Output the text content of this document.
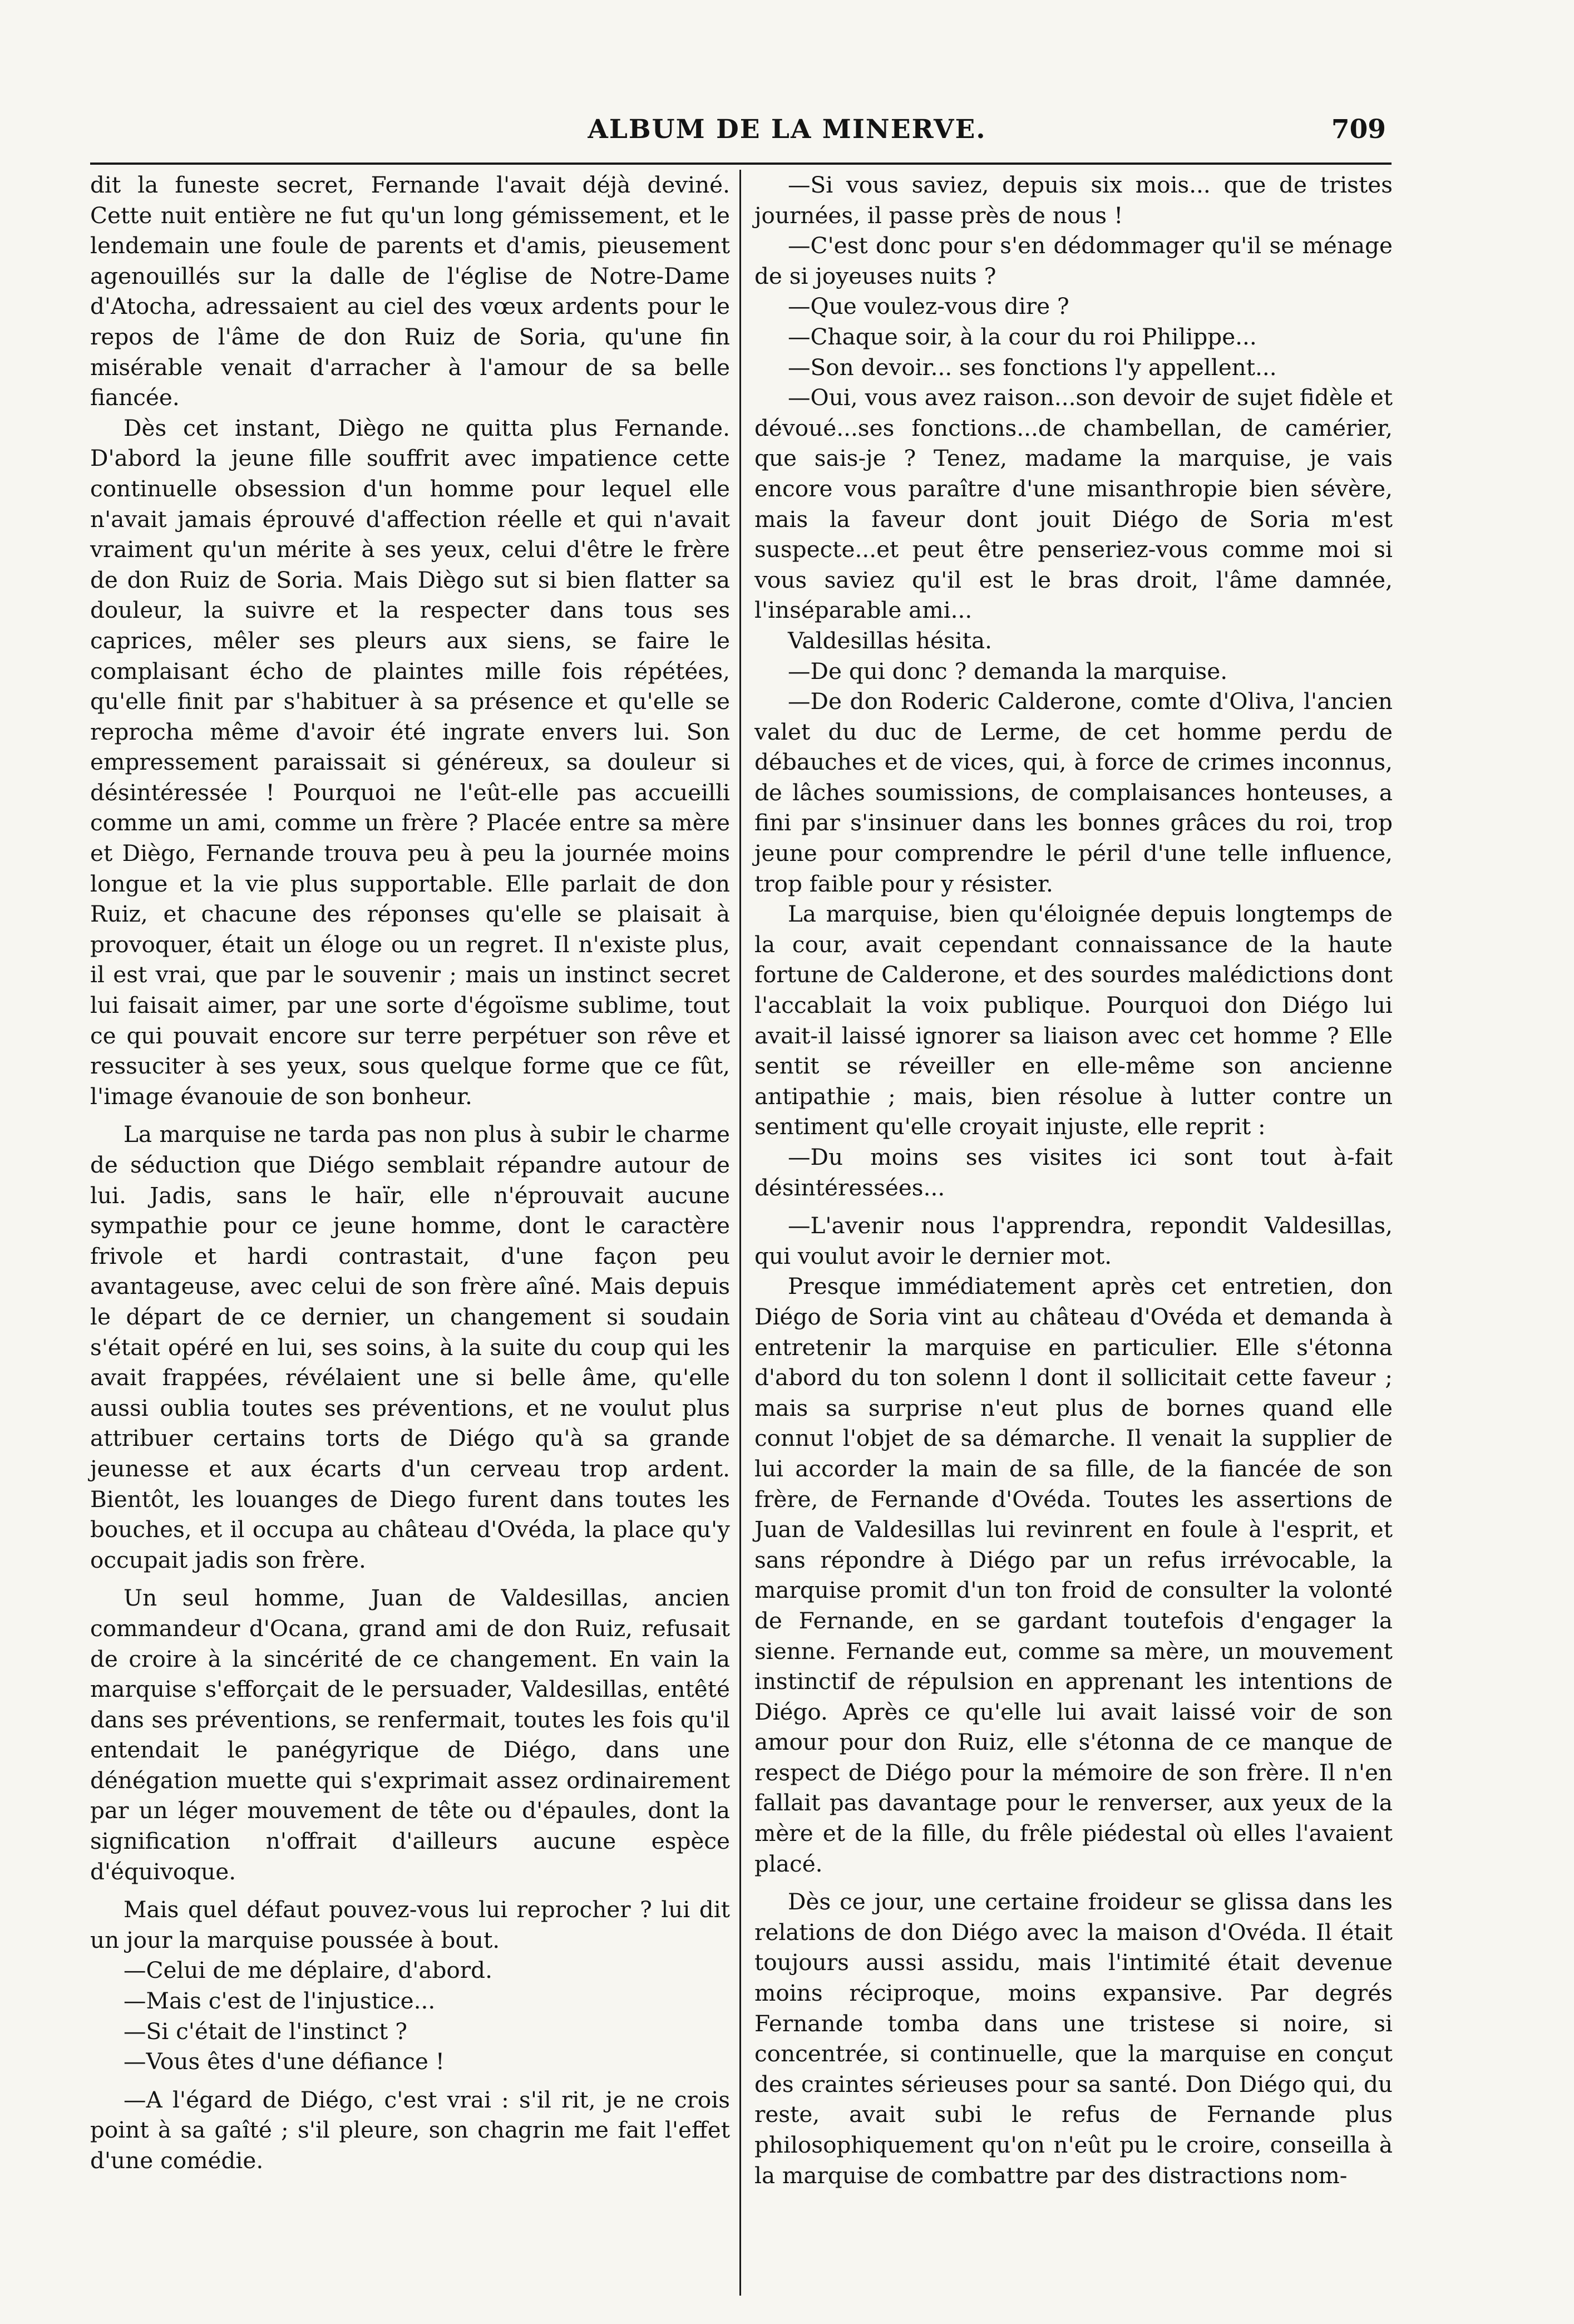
ALBUM DE LA MINERVE.	709

dit la funeste secret, Fernande l'avait déjà deviné. Cette nuit entière ne fut qu'un long gémissement, et le lendemain une foule de parents et d'amis, pieusement agenouillés sur la dalle de l'église de Notre-Dame d'Atocha, adressaient au ciel des vœux ardents pour le repos de l'âme de don Ruiz de Soria, qu'une fin misérable venait d'arracher à l'amour de sa belle fiancée.

Dès cet instant, Diègo ne quitta plus Fernande. D'abord la jeune fille souffrit avec impatience cette continuelle obsession d'un homme pour lequel elle n'avait jamais éprouvé d'affection réelle et qui n'avait vraiment qu'un mérite à ses yeux, celui d'être le frère de don Ruiz de Soria. Mais Diègo sut si bien flatter sa douleur, la suivre et la respecter dans tous ses caprices, mêler ses pleurs aux siens, se faire le complaisant écho de plaintes mille fois répétées, qu'elle finit par s'habituer à sa présence et qu'elle se reprocha même d'avoir été ingrate envers lui. Son empressement paraissait si généreux, sa douleur si désintéressée ! Pourquoi ne l'eût-elle pas accueilli comme un ami, comme un frère ? Placée entre sa mère et Diègo, Fernande trouva peu à peu la journée moins longue et la vie plus supportable. Elle parlait de don Ruiz, et chacune des réponses qu'elle se plaisait à provoquer, était un éloge ou un regret. Il n'existe plus, il est vrai, que par le souvenir ; mais un instinct secret lui faisait aimer, par une sorte d'égoïsme sublime, tout ce qui pouvait encore sur terre perpétuer son rêve et ressuciter à ses yeux, sous quelque forme que ce fût, l'image évanouie de son bonheur.

La marquise ne tarda pas non plus à subir le charme de séduction que Diégo semblait répandre autour de lui. Jadis, sans le haïr, elle n'éprouvait aucune sympathie pour ce jeune homme, dont le caractère frivole et hardi contrastait, d'une façon peu avantageuse, avec celui de son frère aîné. Mais depuis le départ de ce dernier, un changement si soudain s'était opéré en lui, ses soins, à la suite du coup qui les avait frappées, révélaient une si belle âme, qu'elle aussi oublia toutes ses préventions, et ne voulut plus attribuer certains torts de Diégo qu'à sa grande jeunesse et aux écarts d'un cerveau trop ardent. Bientôt, les louanges de Diego furent dans toutes les bouches, et il occupa au château d'Ovéda, la place qu'y occupait jadis son frère.

Un seul homme, Juan de Valdesillas, ancien commandeur d'Ocana, grand ami de don Ruiz, refusait de croire à la sincérité de ce changement. En vain la marquise s'efforçait de le persuader, Valdesillas, entêté dans ses préventions, se renfermait, toutes les fois qu'il entendait le panégyrique de Diégo, dans une dénégation muette qui s'exprimait assez ordinairement par un léger mouvement de tête ou d'épaules, dont la signification n'offrait d'ailleurs aucune espèce d'équivoque.

Mais quel défaut pouvez-vous lui reprocher ? lui dit un jour la marquise poussée à bout.

—Celui de me déplaire, d'abord.

—Mais c'est de l'injustice...

—Si c'était de l'instinct ?

—Vous êtes d'une défiance !

—A l'égard de Diégo, c'est vrai : s'il rit, je ne crois point à sa gaîté ; s'il pleure, son chagrin me fait l'effet d'une comédie.

—Si vous saviez, depuis six mois... que de tristes journées, il passe près de nous !

—C'est donc pour s'en dédommager qu'il se ménage de si joyeuses nuits ?

—Que voulez-vous dire ?

—Chaque soir, à la cour du roi Philippe...

—Son devoir... ses fonctions l'y appellent...

—Oui, vous avez raison...son devoir de sujet fidèle et dévoué...ses fonctions...de chambellan, de camérier, que sais-je ? Tenez, madame la marquise, je vais encore vous paraître d'une misanthropie bien sévère, mais la faveur dont jouit Diégo de Soria m'est suspecte...et peut être penseriez-vous comme moi si vous saviez qu'il est le bras droit, l'âme damnée, l'inséparable ami...

Valdesillas hésita.

—De qui donc ? demanda la marquise.

—De don Roderic Calderone, comte d'Oliva, l'ancien valet du duc de Lerme, de cet homme perdu de débauches et de vices, qui, à force de crimes inconnus, de lâches soumissions, de complaisances honteuses, a fini par s'insinuer dans les bonnes grâces du roi, trop jeune pour comprendre le péril d'une telle influence, trop faible pour y résister.

La marquise, bien qu'éloignée depuis longtemps de la cour, avait cependant connaissance de la haute fortune de Calderone, et des sourdes malédictions dont l'accablait la voix publique. Pourquoi don Diégo lui avait-il laissé ignorer sa liaison avec cet homme ? Elle sentit se réveiller en elle-même son ancienne antipathie ; mais, bien résolue à lutter contre un sentiment qu'elle croyait injuste, elle reprit :

—Du moins ses visites ici sont tout à-fait désintéressées...

—L'avenir nous l'apprendra, repondit Valdesillas, qui voulut avoir le dernier mot.

Presque immédiatement après cet entretien, don Diégo de Soria vint au château d'Ovéda et demanda à entretenir la marquise en particulier. Elle s'étonna d'abord du ton solenn l dont il sollicitait cette faveur ; mais sa surprise n'eut plus de bornes quand elle connut l'objet de sa démarche. Il venait la supplier de lui accorder la main de sa fille, de la fiancée de son frère, de Fernande d'Ovéda. Toutes les assertions de Juan de Valdesillas lui revinrent en foule à l'esprit, et sans répondre à Diégo par un refus irrévocable, la marquise promit d'un ton froid de consulter la volonté de Fernande, en se gardant toutefois d'engager la sienne. Fernande eut, comme sa mère, un mouvement instinctif de répulsion en apprenant les intentions de Diégo. Après ce qu'elle lui avait laissé voir de son amour pour don Ruiz, elle s'étonna de ce manque de respect de Diégo pour la mémoire de son frère. Il n'en fallait pas davantage pour le renverser, aux yeux de la mère et de la fille, du frêle piédestal où elles l'avaient placé.

Dès ce jour, une certaine froideur se glissa dans les relations de don Diégo avec la maison d'Ovéda. Il était toujours aussi assidu, mais l'intimité était devenue moins réciproque, moins expansive. Par degrés Fernande tomba dans une tristese si noire, si concentrée, si continuelle, que la marquise en conçut des craintes sérieuses pour sa santé. Don Diégo qui, du reste, avait subi le refus de Fernande plus philosophiquement qu'on n'eût pu le croire, conseilla à la marquise de combattre par des distractions nom-
